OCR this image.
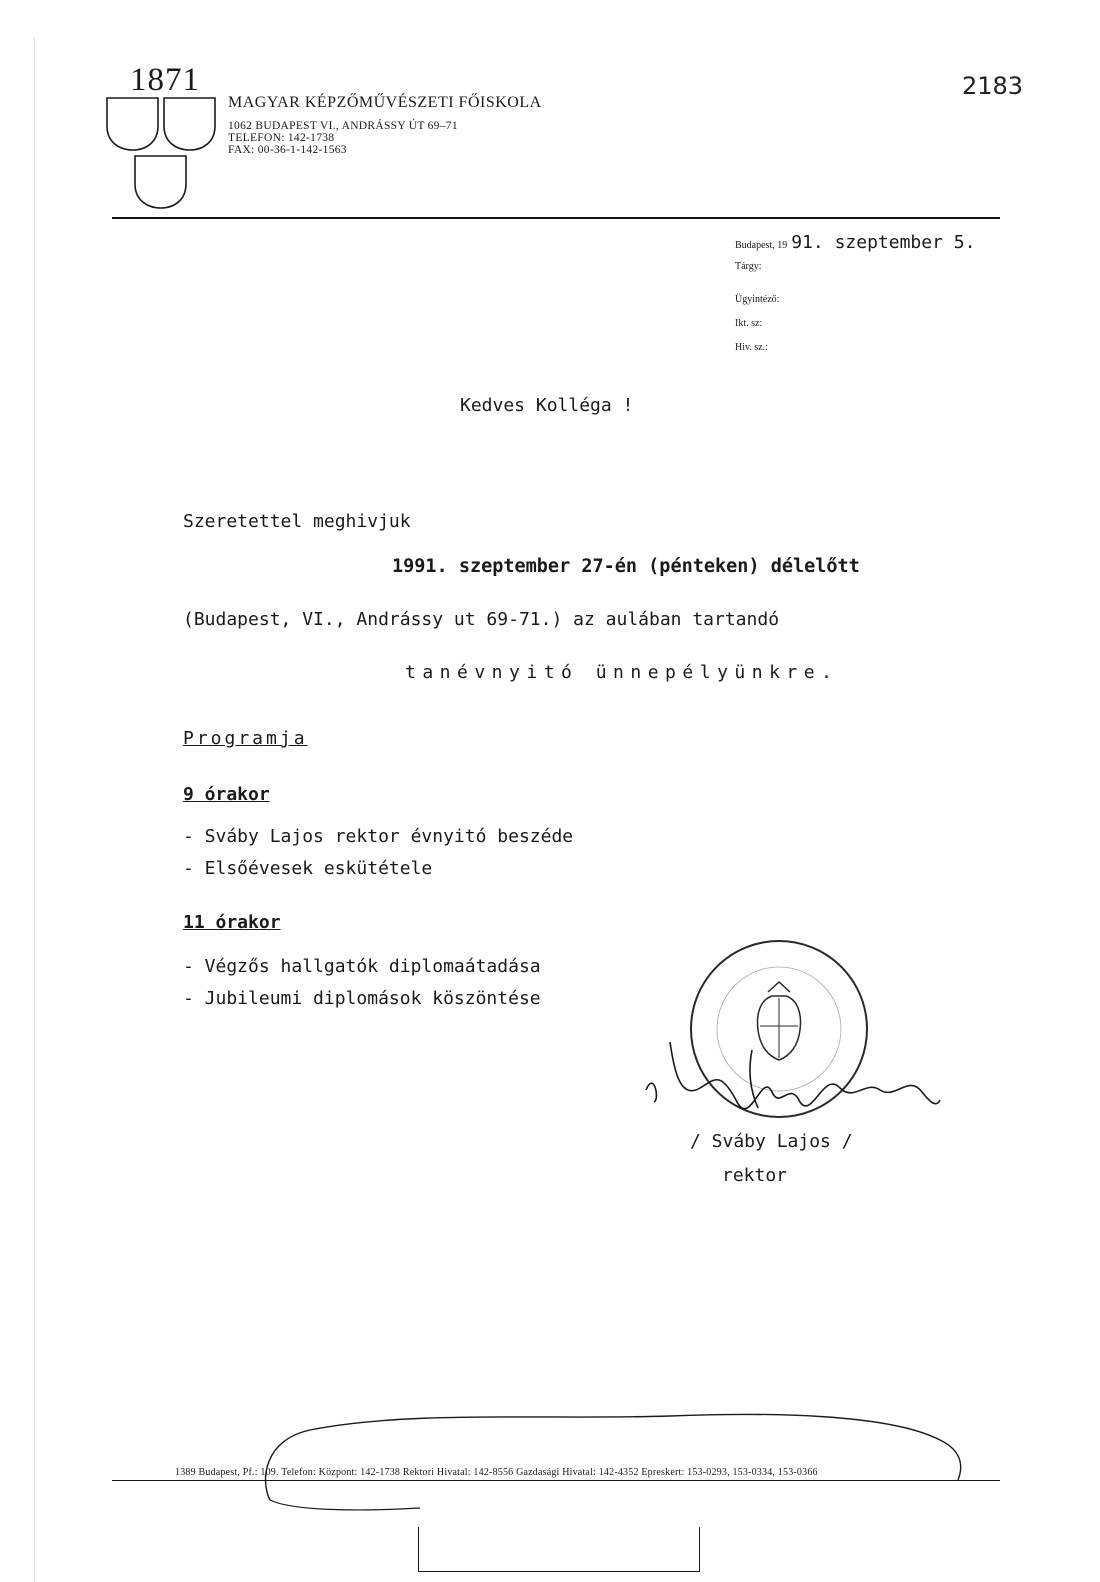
1871
MAGYAR KÉPZŐMŰVÉSZETI FŐISKOLA
1062 BUDAPEST VI., ANDRÁSSY ÚT 69–71
TELEFON: 142-1738
FAX: 00-36-1-142-1563
2183
Budapest, 19 91. szeptember 5.
Tárgy:
Ügyintéző:
Ikt. sz:
Hiv. sz.:
Kedves Kolléga !
Szeretettel meghivjuk
1991. szeptember 27-én (pénteken) délelőtt
(Budapest, VI., Andrássy ut 69-71.) az aulában tartandó
tanévnyitó ünnepélyünkre.
Programja
9 órakor
- Sváby Lajos rektor évnyitó beszéde
- Elsőévesek eskütétele
11 órakor
- Végzős hallgatók diplomaátadása
- Jubileumi diplomások köszöntése
/ Sváby Lajos /
rektor
1389 Budapest, Pf.: 109. Telefon: Központ: 142-1738 Rektori Hivatal: 142-8556 Gazdasági Hivatal: 142-4352 Epreskert: 153-0293, 153-0334, 153-0366
